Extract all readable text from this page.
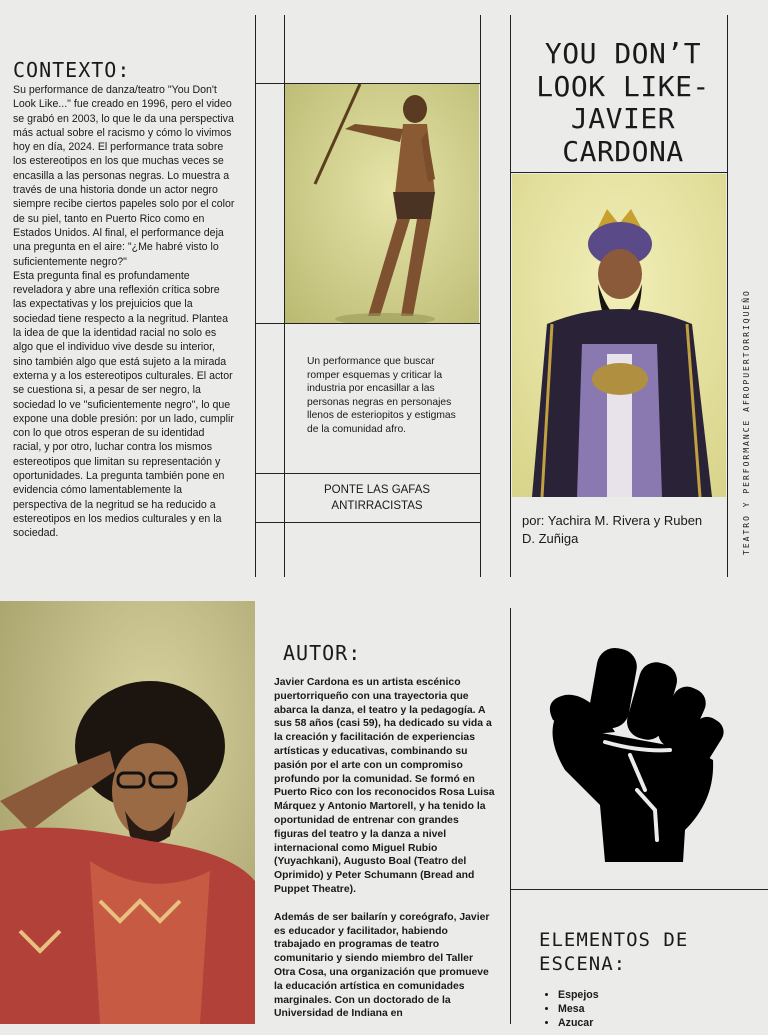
CONTEXTO:

Su performance de danza/teatro "You Don't Look Like..." fue creado en 1996, pero el video se grabó en 2003, lo que le da una perspectiva más actual sobre el racismo y cómo lo vivimos hoy en día, 2024. El performance trata sobre los estereotipos en los que muchas veces se encasilla a las personas negras. Lo muestra a través de una historia donde un actor negro siempre recibe ciertos papeles solo por el color de su piel, tanto en Puerto Rico como en Estados Unidos. Al final, el performance deja una pregunta en el aire: "¿Me habré visto lo suficientemente negro?"

Esta pregunta final es profundamente reveladora y abre una reflexión crítica sobre las expectativas y los prejuicios que la sociedad tiene respecto a la negritud. Plantea la idea de que la identidad racial no solo es algo que el individuo vive desde su interior, sino también algo que está sujeto a la mirada externa y a los estereotipos culturales. El actor se cuestiona si, a pesar de ser negro, la sociedad lo ve "suficientemente negro", lo que expone una doble presión: por un lado, cumplir con lo que otros esperan de su identidad racial, y por otro, luchar contra los mismos estereotipos que limitan su representación y oportunidades. La pregunta también pone en evidencia cómo lamentablemente la perspectiva de la negritud se ha reducido a estereotipos en los medios culturales y en la sociedad.

Un performance que buscar romper esquemas y criticar la industria por encasillar a las personas negras en personajes llenos de esteriopitos y estigmas de la comunidad afro.

PONTE LAS GAFAS ANTIRRACISTAS

YOU DON’T LOOK LIKE- JAVIER CARDONA

por: Yachira M. Rivera y Ruben D. Zuñiga	TEATRO Y PERFORMANCE AFROPUERTORRIQUEÑO

AUTOR:

Javier Cardona es un artista escénico puertorriqueño con una trayectoria que abarca la danza, el teatro y la pedagogía. A sus 58 años (casi 59), ha dedicado su vida a la creación y facilitación de experiencias artísticas y educativas, combinando su pasión por el arte con un compromiso profundo por la comunidad. Se formó en Puerto Rico con los reconocidos Rosa Luisa Márquez y Antonio Martorell, y ha tenido la oportunidad de entrenar con grandes figuras del teatro y la danza a nivel internacional como Miguel Rubio (Yuyachkani), Augusto Boal (Teatro del Oprimido) y Peter Schumann (Bread and Puppet Theatre).

Además de ser bailarín y coreógrafo, Javier es educador y facilitador, habiendo trabajado en programas de teatro comunitario y siendo miembro del Taller Otra Cosa, una organización que promueve la educación artística en comunidades marginales. Con un doctorado de la Universidad de Indiana en

ELEMENTOS DE ESCENA:
• Espejos
• Mesa
• Azucar
